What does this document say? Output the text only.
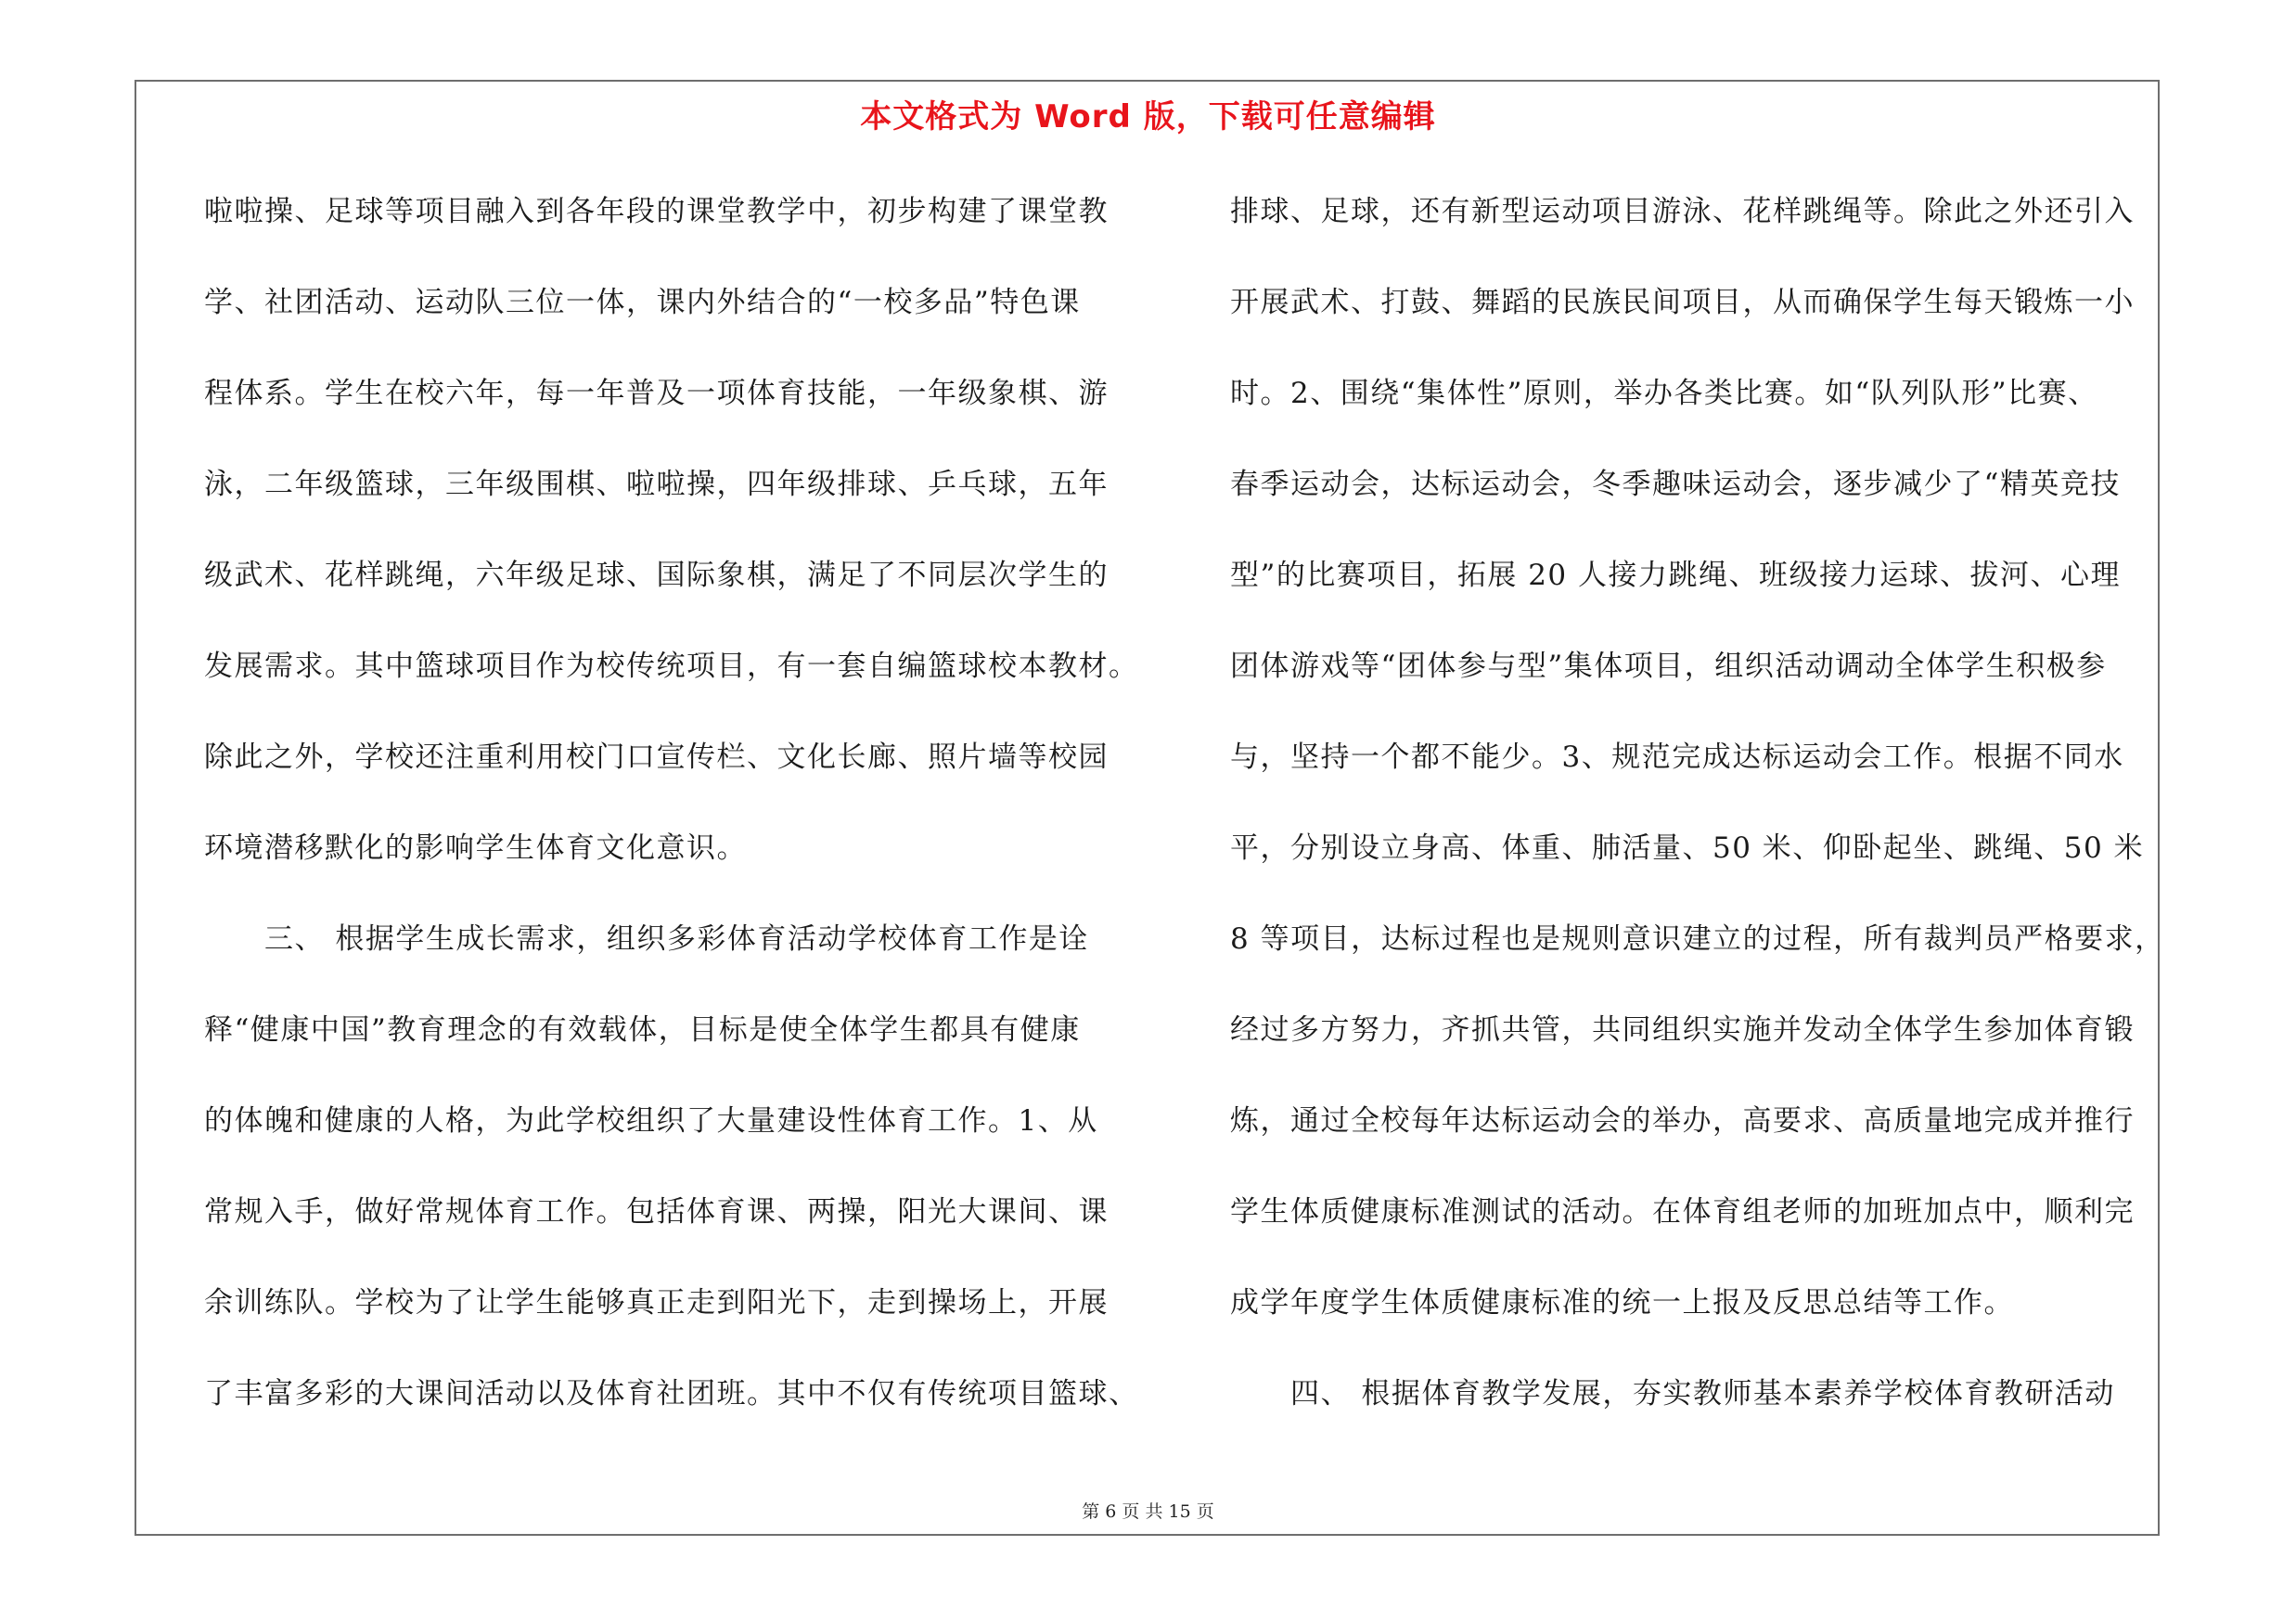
本文格式为 Word 版，下载可任意编辑
啦啦操、足球等项目融入到各年段的课堂教学中，初步构建了课堂教
学、社团活动、运动队三位一体，课内外结合的“一校多品”特色课
程体系。学生在校六年，每一年普及一项体育技能，一年级象棋、游
泳，二年级篮球，三年级围棋、啦啦操，四年级排球、乒乓球，五年
级武术、花样跳绳，六年级足球、国际象棋，满足了不同层次学生的
发展需求。其中篮球项目作为校传统项目，有一套自编篮球校本教材。
除此之外，学校还注重利用校门口宣传栏、文化长廊、照片墙等校园
环境潜移默化的影响学生体育文化意识。
　　三、 根据学生成长需求，组织多彩体育活动学校体育工作是诠
释“健康中国”教育理念的有效载体，目标是使全体学生都具有健康
的体魄和健康的人格，为此学校组织了大量建设性体育工作。1、从
常规入手，做好常规体育工作。包括体育课、两操，阳光大课间、课
余训练队。学校为了让学生能够真正走到阳光下，走到操场上，开展
了丰富多彩的大课间活动以及体育社团班。其中不仅有传统项目篮球、
排球、足球，还有新型运动项目游泳、花样跳绳等。除此之外还引入
开展武术、打鼓、舞蹈的民族民间项目，从而确保学生每天锻炼一小
时。2、围绕“集体性”原则，举办各类比赛。如“队列队形”比赛、
春季运动会，达标运动会，冬季趣味运动会，逐步减少了“精英竞技
型”的比赛项目，拓展 20 人接力跳绳、班级接力运球、拔河、心理
团体游戏等“团体参与型”集体项目，组织活动调动全体学生积极参
与，坚持一个都不能少。3、规范完成达标运动会工作。根据不同水
平，分别设立身高、体重、肺活量、50 米、仰卧起坐、跳绳、50 米
8 等项目，达标过程也是规则意识建立的过程，所有裁判员严格要求，
经过多方努力，齐抓共管，共同组织实施并发动全体学生参加体育锻
炼，通过全校每年达标运动会的举办，高要求、高质量地完成并推行
学生体质健康标准测试的活动。在体育组老师的加班加点中，顺利完
成学年度学生体质健康标准的统一上报及反思总结等工作。
　　四、 根据体育教学发展，夯实教师基本素养学校体育教研活动
第 6 页 共 15 页
